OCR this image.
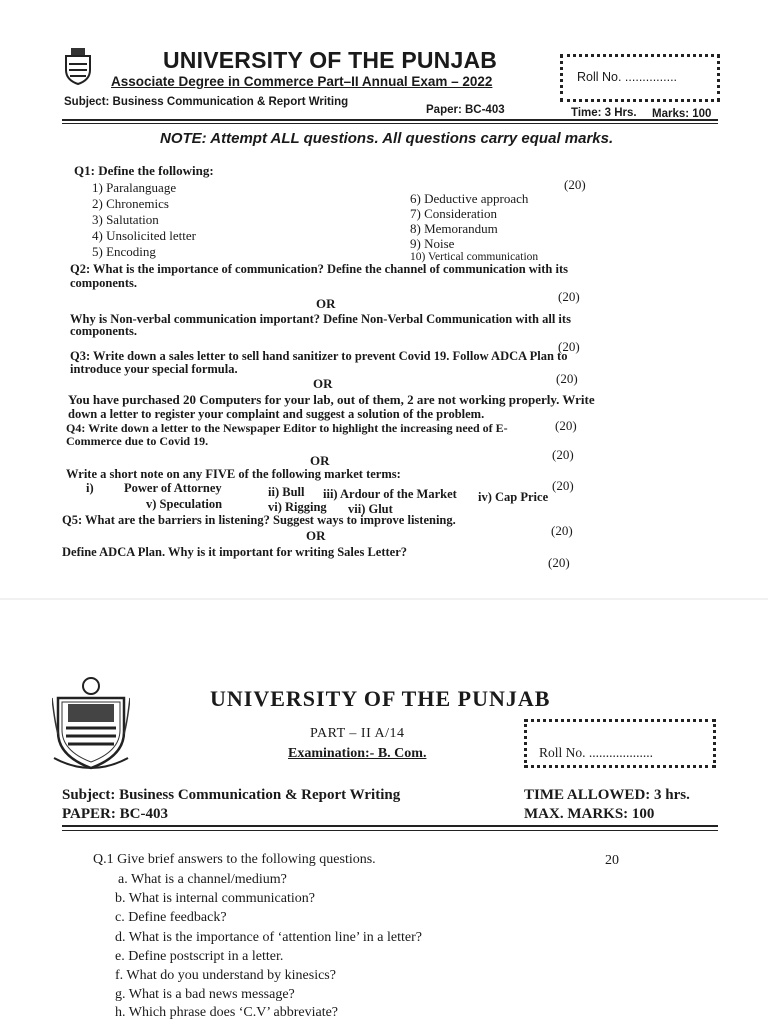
UNIVERSITY OF THE PUNJAB
Associate Degree in Commerce Part–II Annual Exam – 2022	Roll No. ...............
Subject: Business Communication & Report Writing
Paper: BC-403	Time: 3 Hrs. Marks: 100
NOTE: Attempt ALL questions. All questions carry equal marks.
Q1: Define the following:
(20)
1) Paralanguage
2) Chronemics
3) Salutation
4) Unsolicited letter
5) Encoding
6) Deductive approach
7) Consideration
8) Memorandum
9) Noise
10) Vertical communication
Q2: What is the importance of communication? Define the channel of communication with its
components.
(20)
OR
Why is Non-verbal communication important? Define Non-Verbal Communication with all its
components.
(20)
Q3: Write down a sales letter to sell hand sanitizer to prevent Covid 19. Follow ADCA Plan to
introduce your special formula.
(20)
OR
You have purchased 20 Computers for your lab, out of them, 2 are not working properly. Write
down a letter to register your complaint and suggest a solution of the problem.
(20)
Q4: Write down a letter to the Newspaper Editor to highlight the increasing need of E-
Commerce due to Covid 19.
(20)
OR
Write a short note on any FIVE of the following market terms:
(20)
i) Power of Attorney	ii) Bull iii) Ardour of the Market iv) Cap Price
v) Speculation	vi) Rigging vii) Glut
Q5: What are the barriers in listening? Suggest ways to improve listening.
(20)
OR
Define ADCA Plan. Why is it important for writing Sales Letter?
(20)
UNIVERSITY OF THE PUNJAB
PART – II A/14
Examination:- B. Com.	Roll No. ...................
Subject: Business Communication & Report Writing
PAPER: BC-403
TIME ALLOWED: 3 hrs.
MAX. MARKS: 100
Q.1 Give brief answers to the following questions.	20
a. What is a channel/medium?
b. What is internal communication?
c. Define feedback?
d. What is the importance of ‘attention line’ in a letter?
e. Define postscript in a letter.
f. What do you understand by kinesics?
g. What is a bad news message?
h. Which phrase does ‘C.V’ abbreviate?
